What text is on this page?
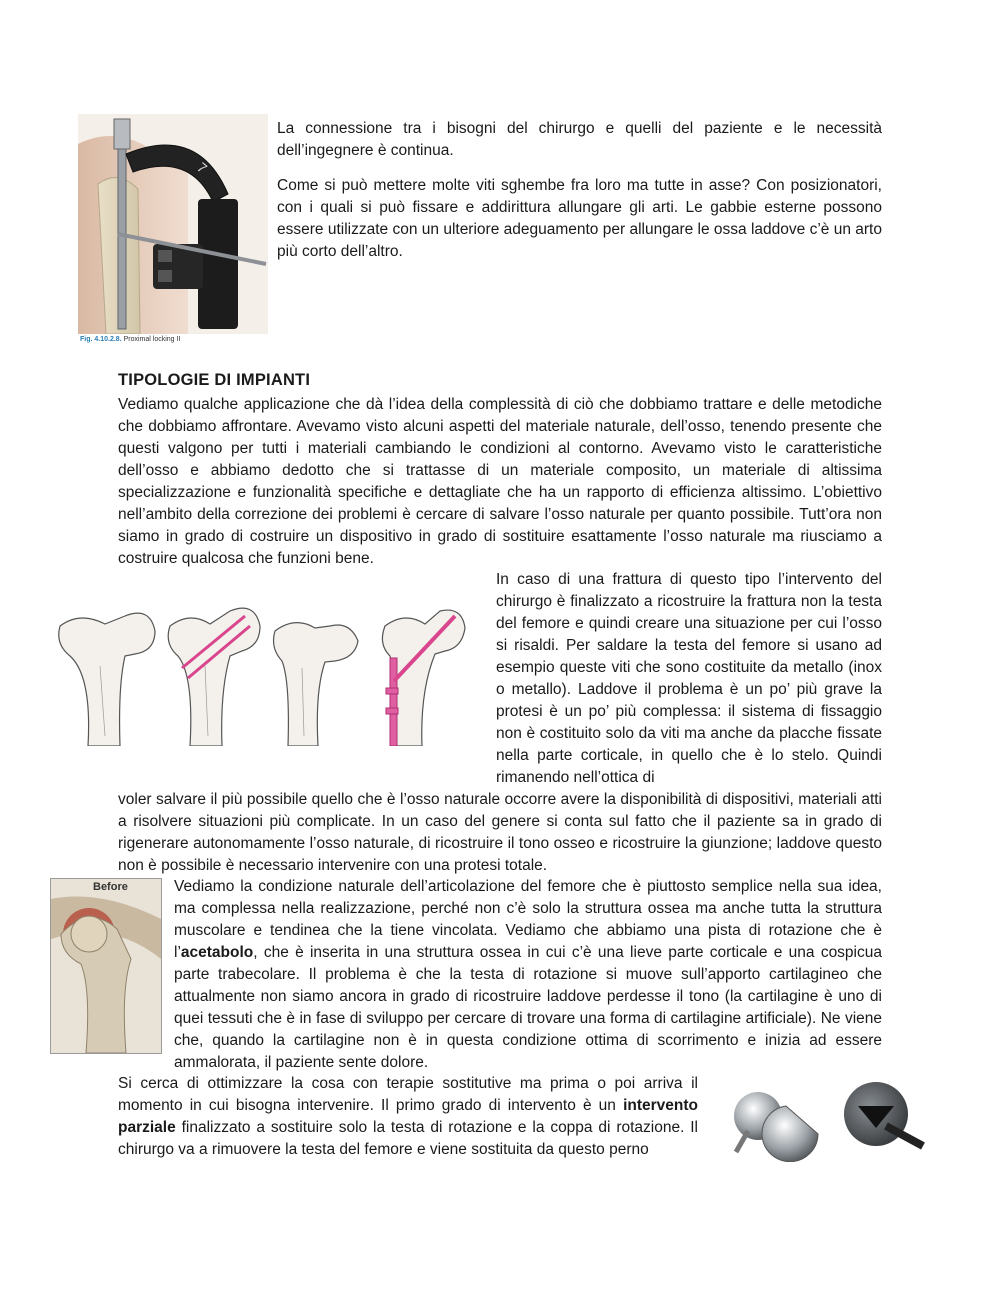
7
Fig. 4.10.2.8. Proximal locking II

La connessione tra i bisogni del chirurgo e quelli del paziente e le necessità dell’ingegnere è continua.

Come si può mettere molte viti sghembe fra loro ma tutte in asse? Con posizionatori, con i quali si può fissare e addirittura allungare gli arti. Le gabbie esterne possono essere utilizzate con un ulteriore adeguamento per allungare le ossa laddove c’è un arto più corto dell’altro.

TIPOLOGIE DI IMPIANTI
Vediamo qualche applicazione che dà l’idea della complessità di ciò che dobbiamo trattare e delle metodiche che dobbiamo affrontare. Avevamo visto alcuni aspetti del materiale naturale, dell’osso, tenendo presente che questi valgono per tutti i materiali cambiando le condizioni al contorno. Avevamo visto le caratteristiche dell’osso e abbiamo dedotto che si trattasse di un materiale composito, un materiale di altissima specializzazione e funzionalità specifiche e dettagliate che ha un rapporto di efficienza altissimo. L’obiettivo nell’ambito della correzione dei problemi è cercare di salvare l’osso naturale per quanto possibile. Tutt’ora non siamo in grado di costruire un dispositivo in grado di sostituire esattamente l’osso naturale ma riusciamo a costruire qualcosa che funzioni bene.
In caso di una frattura di questo tipo l’intervento del chirurgo è finalizzato a ricostruire la frattura non la testa del femore e quindi creare una situazione per cui l’osso si risaldi. Per saldare la testa del femore si usano ad esempio queste viti che sono costituite da metallo (inox o metallo). Laddove il problema è un po’ più grave la protesi è un po’ più complessa: il sistema di fissaggio non è costituito solo da viti ma anche da placche fissate nella parte corticale, in quello che è lo stelo. Quindi rimanendo nell’ottica di
voler salvare il più possibile quello che è l’osso naturale occorre avere la disponibilità di dispositivi, materiali atti a risolvere situazioni più complicate. In un caso del genere si conta sul fatto che il paziente sa in grado di rigenerare autonomamente l’osso naturale, di ricostruire il tono osseo e ricostruire la giunzione; laddove questo non è possibile è necessario intervenire con una protesi totale.
Before	Vediamo la condizione naturale dell’articolazione del femore che è piuttosto semplice nella sua idea, ma complessa nella realizzazione, perché non c’è solo la struttura ossea ma anche tutta la struttura muscolare e tendinea che la tiene vincolata. Vediamo che abbiamo una pista di rotazione che è l’acetabolo, che è inserita in una struttura ossea in cui c’è una lieve parte corticale e una cospicua parte trabecolare. Il problema è che la testa di rotazione si muove sull’apporto cartilagineo che attualmente non siamo ancora in grado di ricostruire laddove perdesse il tono (la cartilagine è uno di quei tessuti che è in fase di sviluppo per cercare di trovare una forma di cartilagine artificiale). Ne viene che, quando la cartilagine non è in questa condizione ottima di scorrimento e inizia ad essere ammalorata, il paziente sente dolore.
Si cerca di ottimizzare la cosa con terapie sostitutive ma prima o poi arriva il momento in cui bisogna intervenire. Il primo grado di intervento è un intervento parziale finalizzato a sostituire solo la testa di rotazione e la coppa di rotazione. Il chirurgo va a rimuovere la testa del femore e viene sostituita da questo perno
